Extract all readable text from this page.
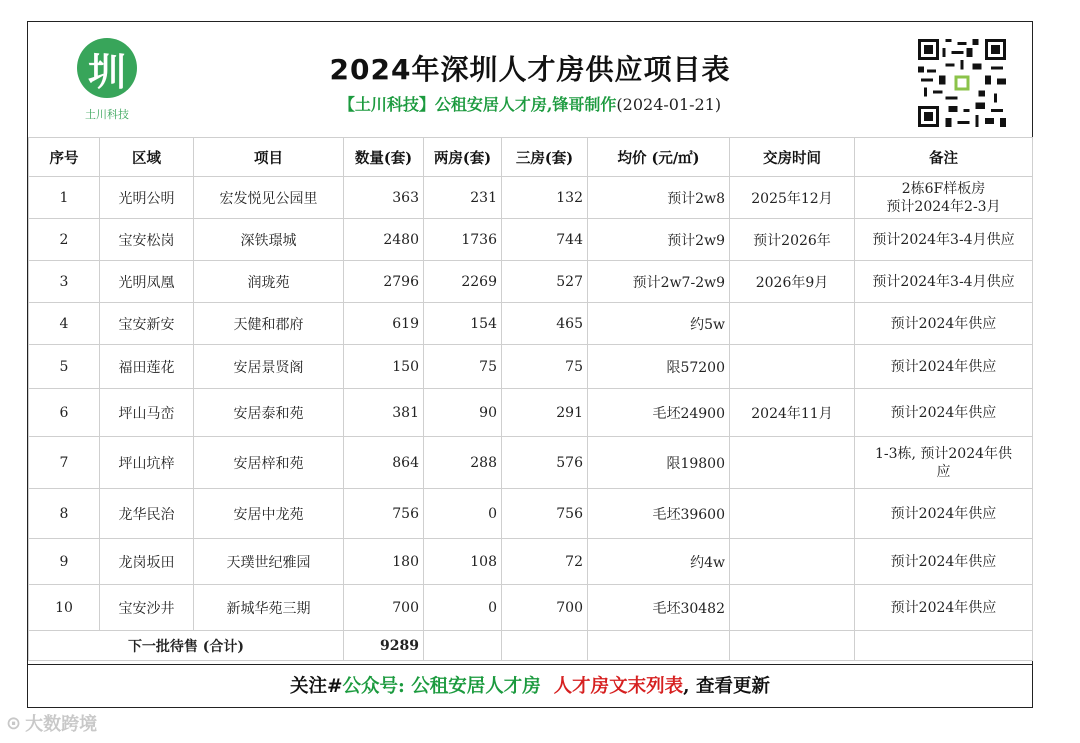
圳
土川科技
2024年深圳人才房供应项目表
【土川科技】公租安居人才房,锋哥制作(2024-01-21)
序号	区域	项目	数量(套)	两房(套)	三房(套)	均价 (元/㎡)	交房时间	备注
1	光明公明	宏发悦见公园里	363	231	132	预计2w8	2025年12月	2栋6F样板房
预计2024年2-3月
2	宝安松岗	深铁璟城	2480	1736	744	预计2w9	预计2026年	预计2024年3-4月供应
3	光明凤凰	润珑苑	2796	2269	527	预计2w7-2w9	2026年9月	预计2024年3-4月供应
4	宝安新安	天健和郡府	619	154	465	约5w		预计2024年供应
5	福田莲花	安居景贤阁	150	75	75	限57200		预计2024年供应
6	坪山马峦	安居泰和苑	381	90	291	毛坯24900	2024年11月	预计2024年供应
7	坪山坑梓	安居梓和苑	864	288	576	限19800		1-3栋, 预计2024年供
应
8	龙华民治	安居中龙苑	756	0	756	毛坯39600		预计2024年供应
9	龙岗坂田	天璞世纪雅园	180	108	72	约4w		预计2024年供应
10	宝安沙井	新城华苑三期	700	0	700	毛坯30482		预计2024年供应
下一批待售 (合计)			9289					
关注#公众号: 公租安居人才房 人才房文末列表, 查看更新
⊙ 大数跨境
